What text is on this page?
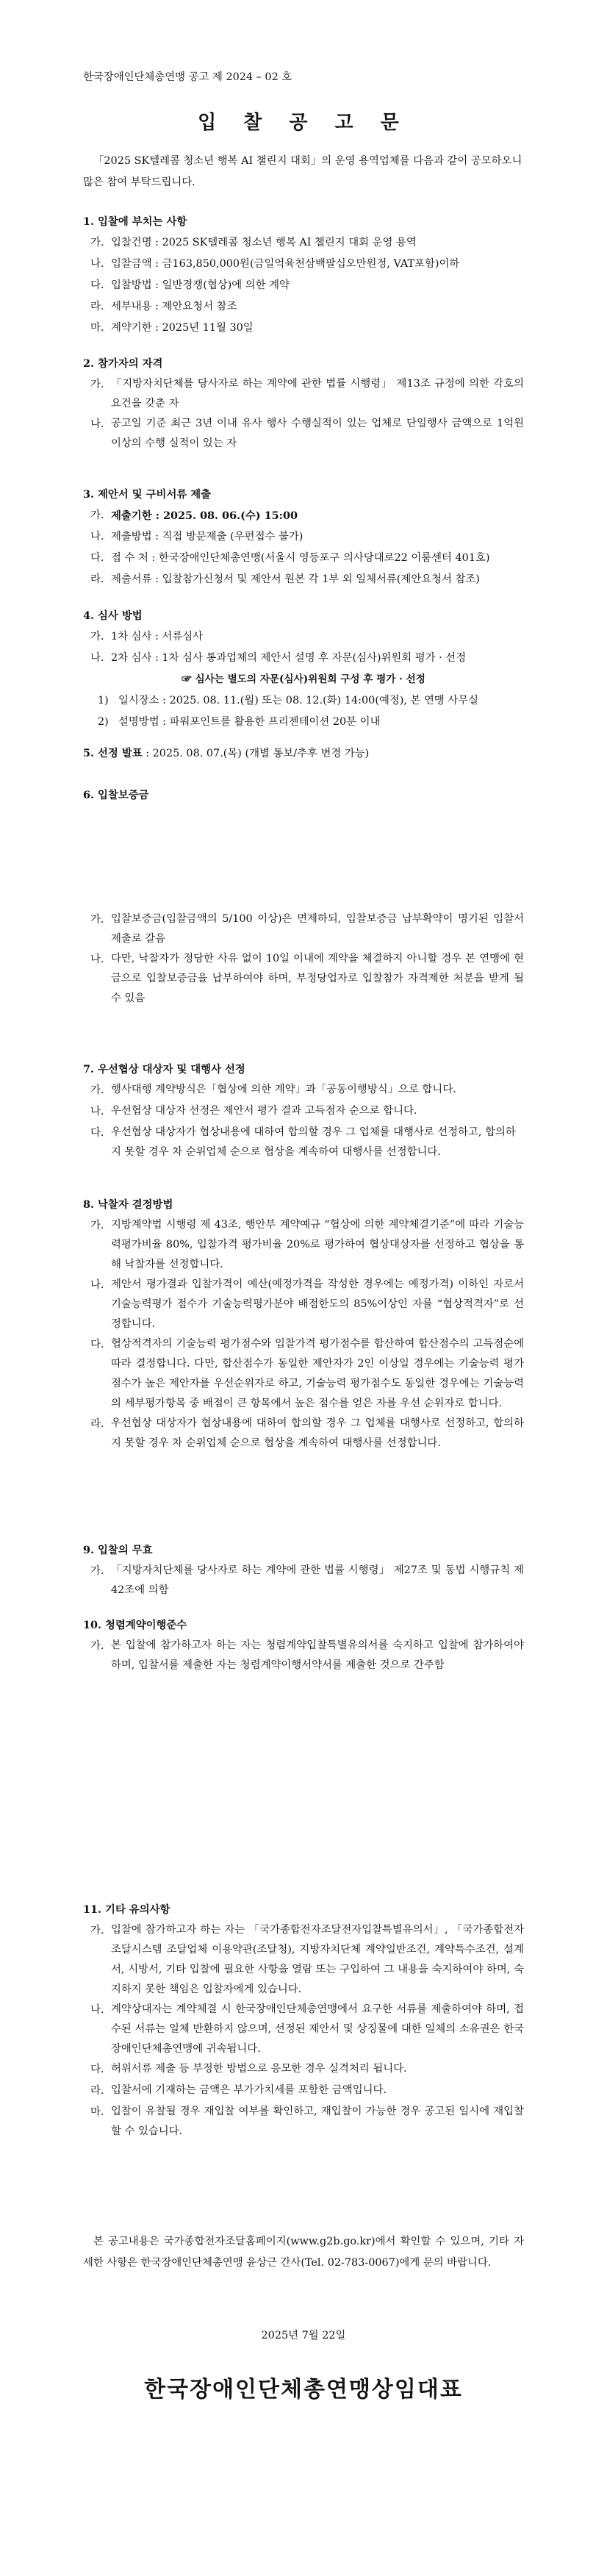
한국장애인단체총연맹 공고 제 2024 – 02 호
입 찰 공 고 문
「2025 SK텔레콤 청소년 행복 AI 챌린지 대회」의 운영 용역업체를 다음과 같이 공모하오니 많은 참여 부탁드립니다.
1. 입찰에 부치는 사항
가. 입찰건명 : 2025 SK텔레콤 청소년 행복 AI 챌린지 대회 운영 용역
나. 입찰금액 : 금163,850,000원(금일억육천삼백팔십오만원정, VAT포함)이하
다. 입찰방법 : 일반경쟁(협상)에 의한 계약
라. 세부내용 : 제안요청서 참조
마. 계약기한 : 2025년 11월 30일
2. 참가자의 자격
가. 「지방자치단체를 당사자로 하는 계약에 관한 법률 시행령」 제13조 규정에 의한 각호의 요건을 갖춘 자
나. 공고일 기준 최근 3년 이내 유사 행사 수행실적이 있는 업체로 단일행사 금액으로 1억원 이상의 수행 실적이 있는 자
3. 제안서 및 구비서류 제출
가. 제출기한 : 2025. 08. 06.(수) 15:00
나. 제출방법 : 직접 방문제출 (우편접수 불가)
다. 접 수 처 : 한국장애인단체총연맹(서울시 영등포구 의사당대로22 이룸센터 401호)
라. 제출서류 : 입찰참가신청서 및 제안서 원본 각 1부 외 일체서류(제안요청서 참조)
4. 심사 방법
가. 1차 심사 : 서류심사
나. 2차 심사 : 1차 심사 통과업체의 제안서 설명 후 자문(심사)위원회 평가 · 선정
☞ 심사는 별도의 자문(심사)위원회 구성 후 평가 · 선정
1) 일시장소 : 2025. 08. 11.(월) 또는 08. 12.(화) 14:00(예정), 본 연맹 사무실
2) 설명방법 : 파워포인트를 활용한 프리젠테이션 20분 이내
5. 선정 발표 : 2025. 08. 07.(목) (개별 통보/추후 변경 가능)
6. 입찰보증금
가. 입찰보증금(입찰금액의 5/100 이상)은 면제하되, 입찰보증금 납부확약이 명기된 입찰서 제출로 갈음
나. 다만, 낙찰자가 정당한 사유 없이 10일 이내에 계약을 체결하지 아니할 경우 본 연맹에 현금으로 입찰보증금을 납부하여야 하며, 부정당업자로 입찰참가 자격제한 처분을 받게 될 수 있음
7. 우선협상 대상자 및 대행사 선정
가. 행사대행 계약방식은「협상에 의한 계약」과「공동이행방식」으로 합니다.
나. 우선협상 대상자 선정은 제안서 평가 결과 고득점자 순으로 합니다.
다. 우선협상 대상자가 협상내용에 대하여 합의할 경우 그 업체를 대행사로 선정하고, 합의하지 못할 경우 차 순위업체 순으로 협상을 계속하여 대행사를 선정합니다.
8. 낙찰자 결정방법
가. 지방계약법 시행령 제 43조, 행안부 계약예규 “협상에 의한 계약체결기준”에 따라 기술능력평가비율 80%, 입찰가격 평가비율 20%로 평가하여 협상대상자를 선정하고 협상을 통해 낙찰자를 선정합니다.
나. 제안서 평가결과 입찰가격이 예산(예정가격을 작성한 경우에는 예정가격) 이하인 자로서 기술능력평가 점수가 기술능력평가분야 배점한도의 85%이상인 자를 “협상적격자”로 선정합니다.
다. 협상적격자의 기술능력 평가점수와 입찰가격 평가점수를 합산하여 합산점수의 고득점순에 따라 결정합니다. 다만, 합산점수가 동일한 제안자가 2인 이상일 경우에는 기술능력 평가점수가 높은 제안자를 우선순위자로 하고, 기술능력 평가점수도 동일한 경우에는 기술능력의 세부평가항목 중 배점이 큰 항목에서 높은 점수를 얻은 자를 우선 순위자로 합니다.
라. 우선협상 대상자가 협상내용에 대하여 합의할 경우 그 업체를 대행사로 선정하고, 합의하지 못할 경우 차 순위업체 순으로 협상을 계속하여 대행사를 선정합니다.
9. 입찰의 무효
가. 「지방자치단체를 당사자로 하는 계약에 관한 법률 시행령」 제27조 및 동법 시행규칙 제42조에 의함
10. 청렴계약이행준수
가. 본 입찰에 참가하고자 하는 자는 청렴계약입찰특별유의서를 숙지하고 입찰에 참가하여야 하며, 입찰서를 제출한 자는 청렴계약이행서약서를 제출한 것으로 간주함
11. 기타 유의사항
가. 입찰에 참가하고자 하는 자는 「국가종합전자조달전자입찰특별유의서」, 「국가종합전자조달시스템 조달업체 이용약관(조달청), 지방자치단체 계약일반조건, 계약특수조건, 설계서, 시방서, 기타 입찰에 필요한 사항을 열람 또는 구입하여 그 내용을 숙지하여야 하며, 숙지하지 못한 책임은 입찰자에게 있습니다.
나. 계약상대자는 계약체결 시 한국장애인단체총연맹에서 요구한 서류를 제출하여야 하며, 접수된 서류는 일체 반환하지 않으며, 선정된 제안서 및 상징물에 대한 일체의 소유권은 한국장애인단체총연맹에 귀속됩니다.
다. 허위서류 제출 등 부정한 방법으로 응모한 경우 실격처리 됩니다.
라. 입찰서에 기재하는 금액은 부가가치세를 포함한 금액입니다.
마. 입찰이 유찰될 경우 재입찰 여부를 확인하고, 재입찰이 가능한 경우 공고된 일시에 재입찰 할 수 있습니다.
본 공고내용은 국가종합전자조달홈페이지(www.g2b.go.kr)에서 확인할 수 있으며, 기타 자세한 사항은 한국장애인단체총연맹 윤상근 간사(Tel. 02-783-0067)에게 문의 바랍니다.
2025년 7월 22일
한국장애인단체총연맹상임대표
